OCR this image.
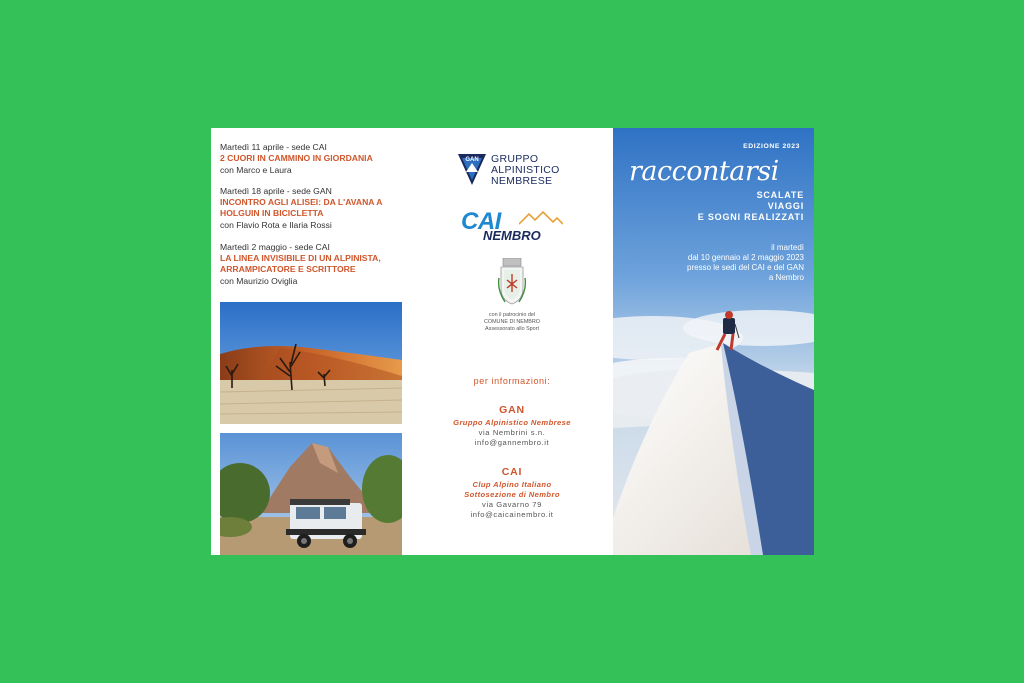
Martedì 11 aprile - sede CAI
2 CUORI IN CAMMINO IN GIORDANIA
con Marco e Laura
Martedì 18 aprile - sede GAN
INCONTRO AGLI ALISEI: DA L'AVANA A
HOLGUIN IN BICICLETTA
con Flavio Rota e Ilaria Rossi
Martedì 2 maggio - sede CAI
LA LINEA INVISIBILE DI UN ALPINISTA,
ARRAMPICATORE E SCRITTORE
con Maurizio Oviglia
GAN GRUPPO
ALPINISTICO
NEMBRESE
CAI
NEMBRO
con il patrocinio del
COMUNE DI NEMBRO
Assessorato allo Sport
per informazioni:
GAN
Gruppo Alpinistico Nembrese
via Nembrini s.n.
info@gannembro.it
CAI
Clup Alpino Italiano
Sottosezione di Nembro
via Gavarno 79
info@caicainembro.it
EDIZIONE 2023
raccontarsi
SCALATE
VIAGGI
E SOGNI REALIZZATI
il martedì
dal 10 gennaio al 2 maggio 2023
presso le sedi del CAI e del GAN
a Nembro
